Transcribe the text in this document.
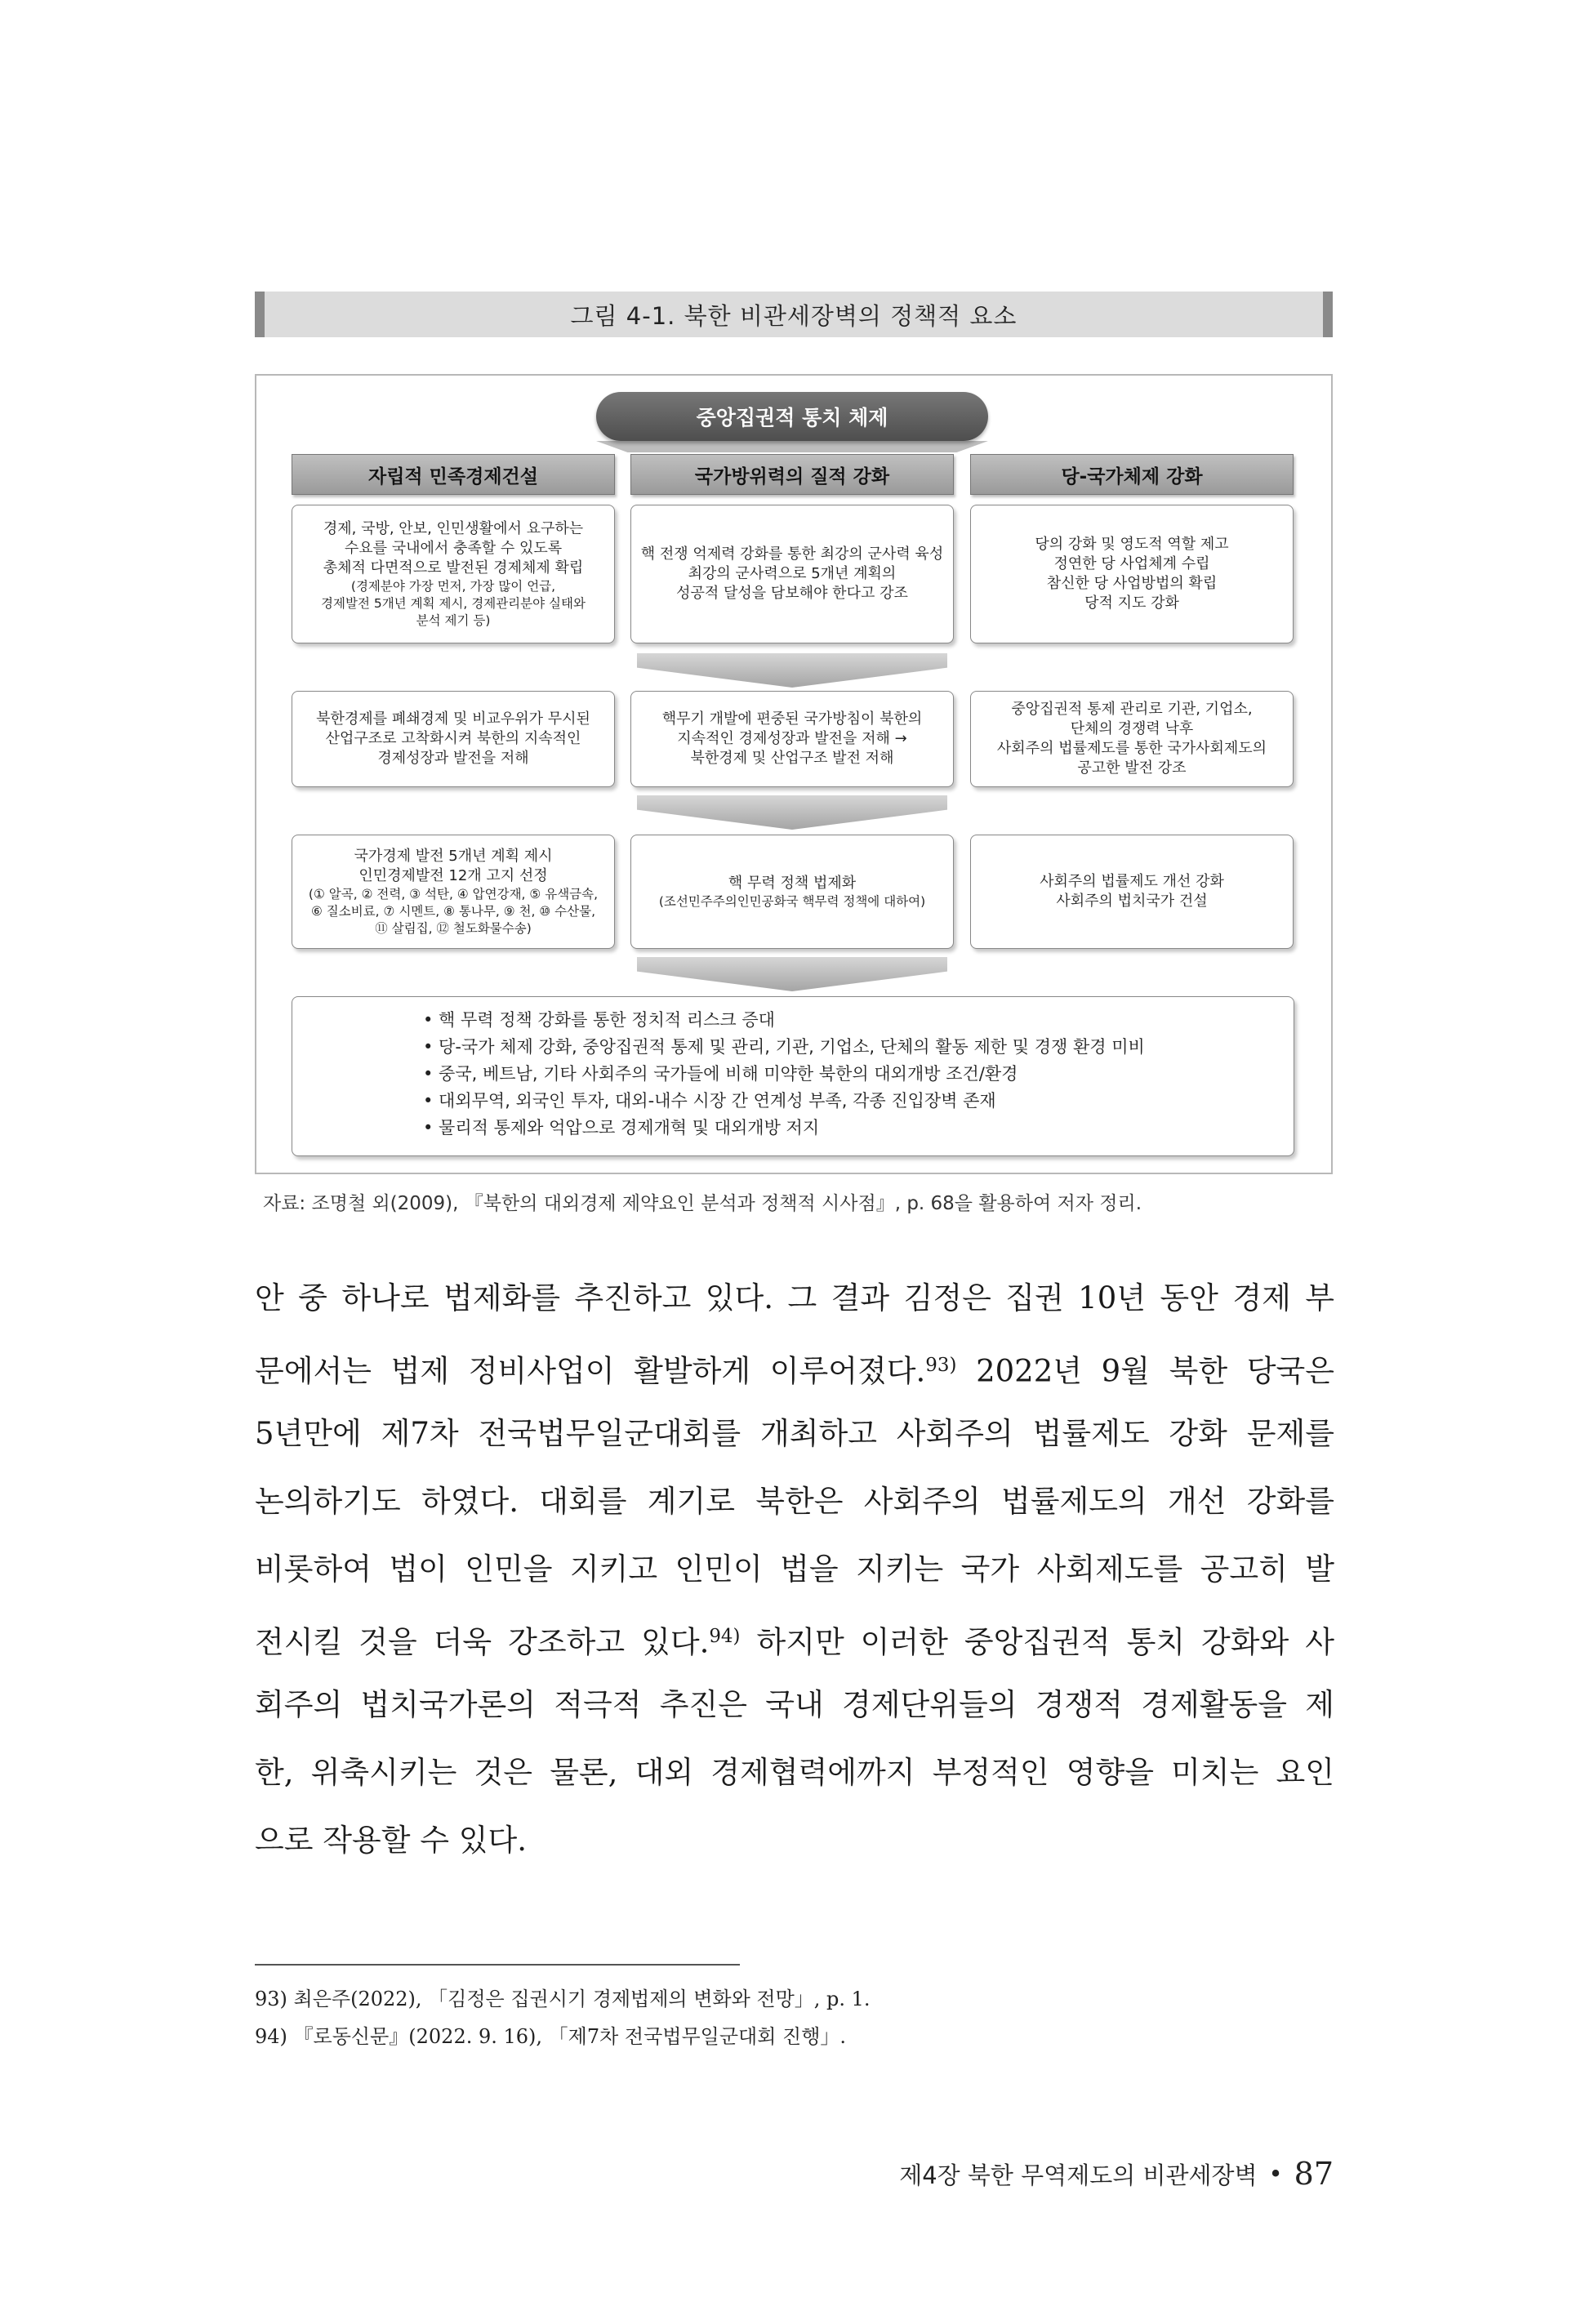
그림 4-1. 북한 비관세장벽의 정책적 요소
중앙집권적 통치 체제
자립적 민족경제건설	국가방위력의 질적 강화	당-국가체제 강화
경제, 국방, 안보, 인민생활에서 요구하는
수요를 국내에서 충족할 수 있도록
총체적 다면적으로 발전된 경제체제 확립
(경제분야 가장 먼저, 가장 많이 언급,
경제발전 5개년 계획 제시, 경제관리분야 실태와
분석 제기 등)
핵 전쟁 억제력 강화를 통한 최강의 군사력 육성
최강의 군사력으로 5개년 계획의
성공적 달성을 담보해야 한다고 강조
당의 강화 및 영도적 역할 제고
정연한 당 사업체계 수립
참신한 당 사업방법의 확립
당적 지도 강화
북한경제를 폐쇄경제 및 비교우위가 무시된
산업구조로 고착화시켜 북한의 지속적인
경제성장과 발전을 저해
핵무기 개발에 편중된 국가방침이 북한의
지속적인 경제성장과 발전을 저해 →
북한경제 및 산업구조 발전 저해
중앙집권적 통제 관리로 기관, 기업소,
단체의 경쟁력 낙후
사회주의 법률제도를 통한 국가사회제도의
공고한 발전 강조
국가경제 발전 5개년 계획 제시
인민경제발전 12개 고지 선정
(① 알곡, ② 전력, ③ 석탄, ④ 압연강재, ⑤ 유색금속,
⑥ 질소비료, ⑦ 시멘트, ⑧ 통나무, ⑨ 천, ⑩ 수산물,
⑪ 살림집, ⑫ 철도화물수송)
핵 무력 정책 법제화
(조선민주주의인민공화국 핵무력 정책에 대하여)
사회주의 법률제도 개선 강화
사회주의 법치국가 건설
• 핵 무력 정책 강화를 통한 정치적 리스크 증대
• 당-국가 체제 강화, 중앙집권적 통제 및 관리, 기관, 기업소, 단체의 활동 제한 및 경쟁 환경 미비
• 중국, 베트남, 기타 사회주의 국가들에 비해 미약한 북한의 대외개방 조건/환경
• 대외무역, 외국인 투자, 대외-내수 시장 간 연계성 부족, 각종 진입장벽 존재
• 물리적 통제와 억압으로 경제개혁 및 대외개방 저지
자료: 조명철 외(2009), 『북한의 대외경제 제약요인 분석과 정책적 시사점』, p. 68을 활용하여 저자 정리.
안 중 하나로 법제화를 추진하고 있다. 그 결과 김정은 집권 10년 동안 경제 부
문에서는 법제 정비사업이 활발하게 이루어졌다.$^{93)}$ 2022년 9월 북한 당국은
5년만에 제7차 전국법무일군대회를 개최하고 사회주의 법률제도 강화 문제를
논의하기도 하였다. 대회를 계기로 북한은 사회주의 법률제도의 개선 강화를
비롯하여 법이 인민을 지키고 인민이 법을 지키는 국가 사회제도를 공고히 발
전시킬 것을 더욱 강조하고 있다.$^{94)}$ 하지만 이러한 중앙집권적 통치 강화와 사
회주의 법치국가론의 적극적 추진은 국내 경제단위들의 경쟁적 경제활동을 제
한, 위축시키는 것은 물론, 대외 경제협력에까지 부정적인 영향을 미치는 요인
으로 작용할 수 있다.
93) 최은주(2022), 「김정은 집권시기 경제법제의 변화와 전망」, p. 1.
94) 『로동신문』(2022. 9. 16), 「제7차 전국법무일군대회 진행」.
제4장 북한 무역제도의 비관세장벽 • 87
